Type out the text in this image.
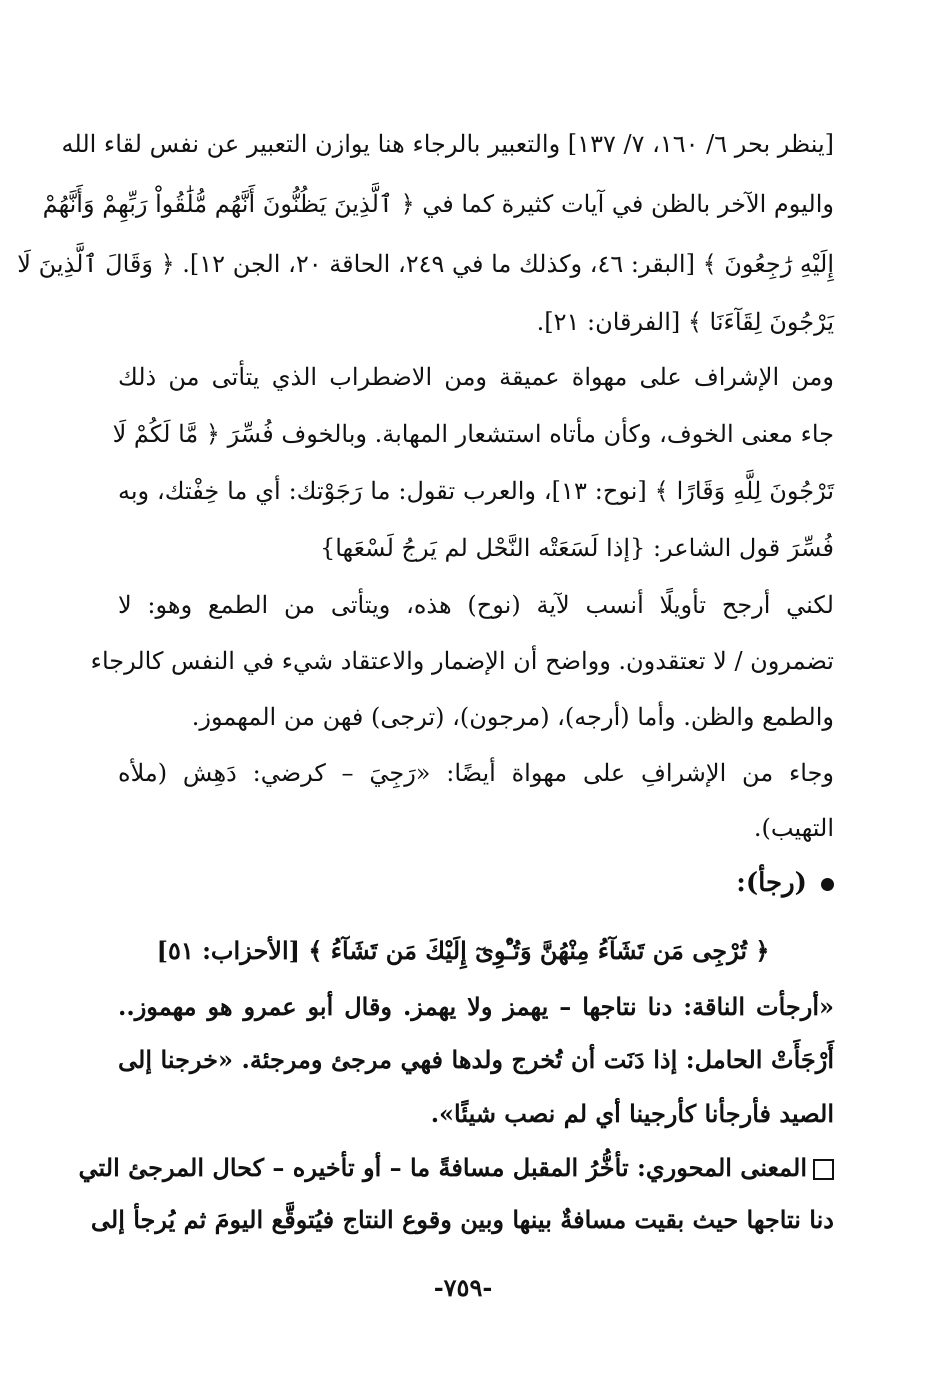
[ينظر بحر ٦/ ١٦٠، ٧/ ١٣٧] والتعبير بالرجاء هنا يوازن التعبير عن نفس لقاء الله
واليوم الآخر بالظن في آيات كثيرة كما في ﴿ ٱلَّذِينَ يَظُنُّونَ أَنَّهُم مُّلَٰقُواْ رَبِّهِمْ وَأَنَّهُمْ
إِلَيْهِ رَٰجِعُونَ ﴾ [البقر: ٤٦، وكذلك ما في ٢٤٩، الحاقة ٢٠، الجن ١٢]. ﴿ وَقَالَ ٱلَّذِينَ لَا
يَرْجُونَ لِقَآءَنَا ﴾ [الفرقان: ٢١].
ومن الإشراف على مهواة عميقة ومن الاضطراب الذي يتأتى من ذلك
جاء معنى الخوف، وكأن مأتاه استشعار المهابة. وبالخوف فُسِّرَ ﴿ مَّا لَكُمْ لَا
تَرْجُونَ لِلَّهِ وَقَارًا ﴾ [نوح: ١٣]، والعرب تقول: ما رَجَوْتك: أي ما خِفْتك، وبه
فُسِّرَ قول الشاعر: {إذا لَسَعَتْه النَّحْل لم يَرجُ لَسْعَها}
لكني أرجح تأويلًا أنسب لآية (نوح) هذه، ويتأتى من الطمع وهو: لا
تضمرون / لا تعتقدون. وواضح أن الإضمار والاعتقاد شيء في النفس كالرجاء
والطمع والظن. وأما (أرجه)، (مرجون)، (ترجى) فهن من المهموز.
وجاء من الإشرافِ على مهواة أيضًا: «رَجِيَ – كرضي: دَهِش (ملأه
التهيب).
(رجأ):
﴿ تُرْجِى مَن تَشَآءُ مِنْهُنَّ وَتُـْٔوِىٓ إِلَيْكَ مَن تَشَآءُ ﴾ [الأحزاب: ٥١]
«أرجأت الناقة: دنا نتاجها – يهمز ولا يهمز. وقال أبو عمرو هو مهموز..
أَرْجَأَتْ الحامل: إذا دَنَت أن تُخرج ولدها فهي مرجئ ومرجئة. «خرجنا إلى
الصيد فأرجأنا كأرجينا أي لم نصب شيئًا».
المعنى المحوري: تأخُّرُ المقبل مسافةً ما – أو تأخيره – كحال المرجئ التي
دنا نتاجها حيث بقيت مسافةٌ بينها وبين وقوع النتاج فيُتوقَّع اليومَ ثم يُرجأ إلى
-٧٥٩-
